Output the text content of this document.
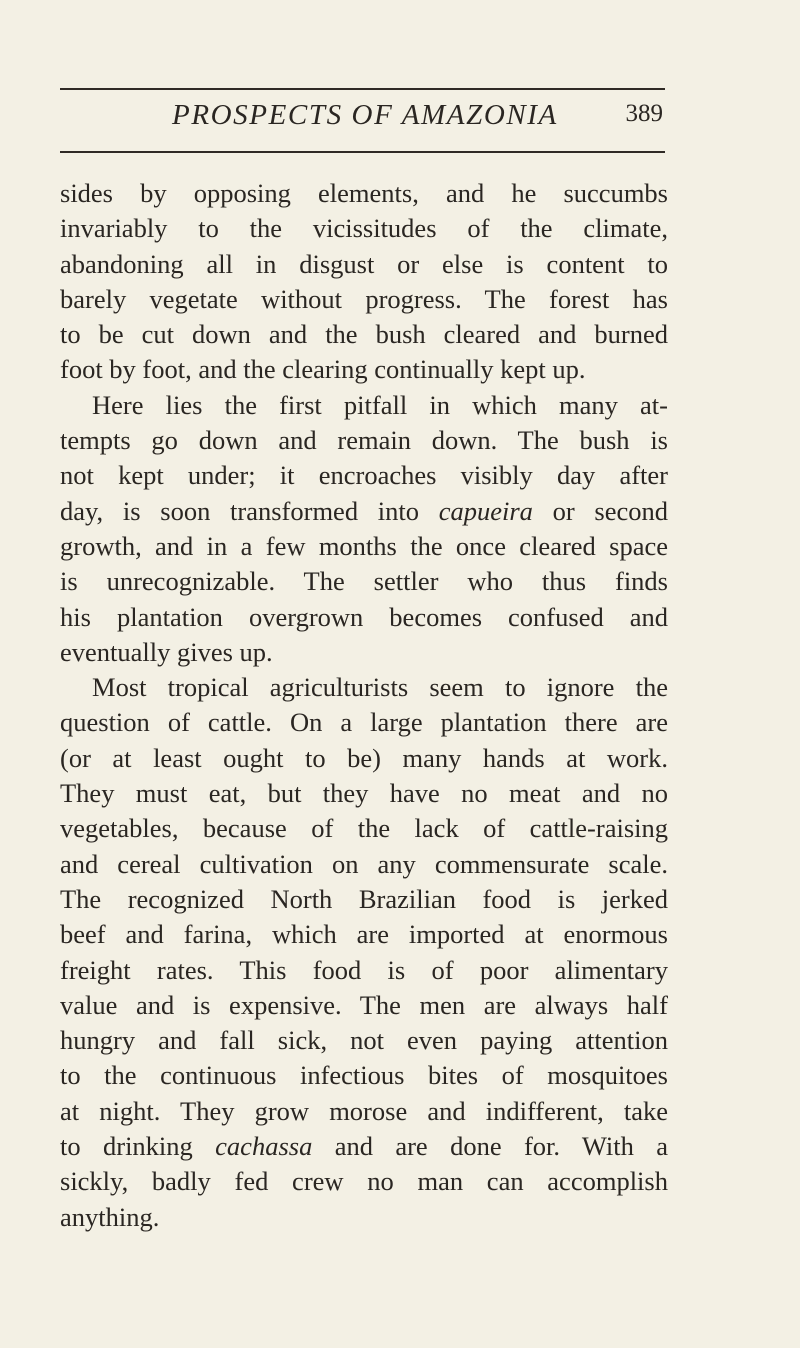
PROSPECTS OF AMAZONIA	389
sides by opposing elements, and he succumbs
invariably to the vicissitudes of the climate,
abandoning all in disgust or else is content to
barely vegetate without progress. The forest has
to be cut down and the bush cleared and burned
foot by foot, and the clearing continually kept up.
Here lies the first pitfall in which many at-
tempts go down and remain down. The bush is
not kept under; it encroaches visibly day after
day, is soon transformed into capueira or second
growth, and in a few months the once cleared space
is unrecognizable. The settler who thus finds
his plantation overgrown becomes confused and
eventually gives up.
Most tropical agriculturists seem to ignore the
question of cattle. On a large plantation there are
(or at least ought to be) many hands at work.
They must eat, but they have no meat and no
vegetables, because of the lack of cattle-raising
and cereal cultivation on any commensurate scale.
The recognized North Brazilian food is jerked
beef and farina, which are imported at enormous
freight rates. This food is of poor alimentary
value and is expensive. The men are always half
hungry and fall sick, not even paying attention
to the continuous infectious bites of mosquitoes
at night. They grow morose and indifferent, take
to drinking cachassa and are done for. With a
sickly, badly fed crew no man can accomplish
anything.
